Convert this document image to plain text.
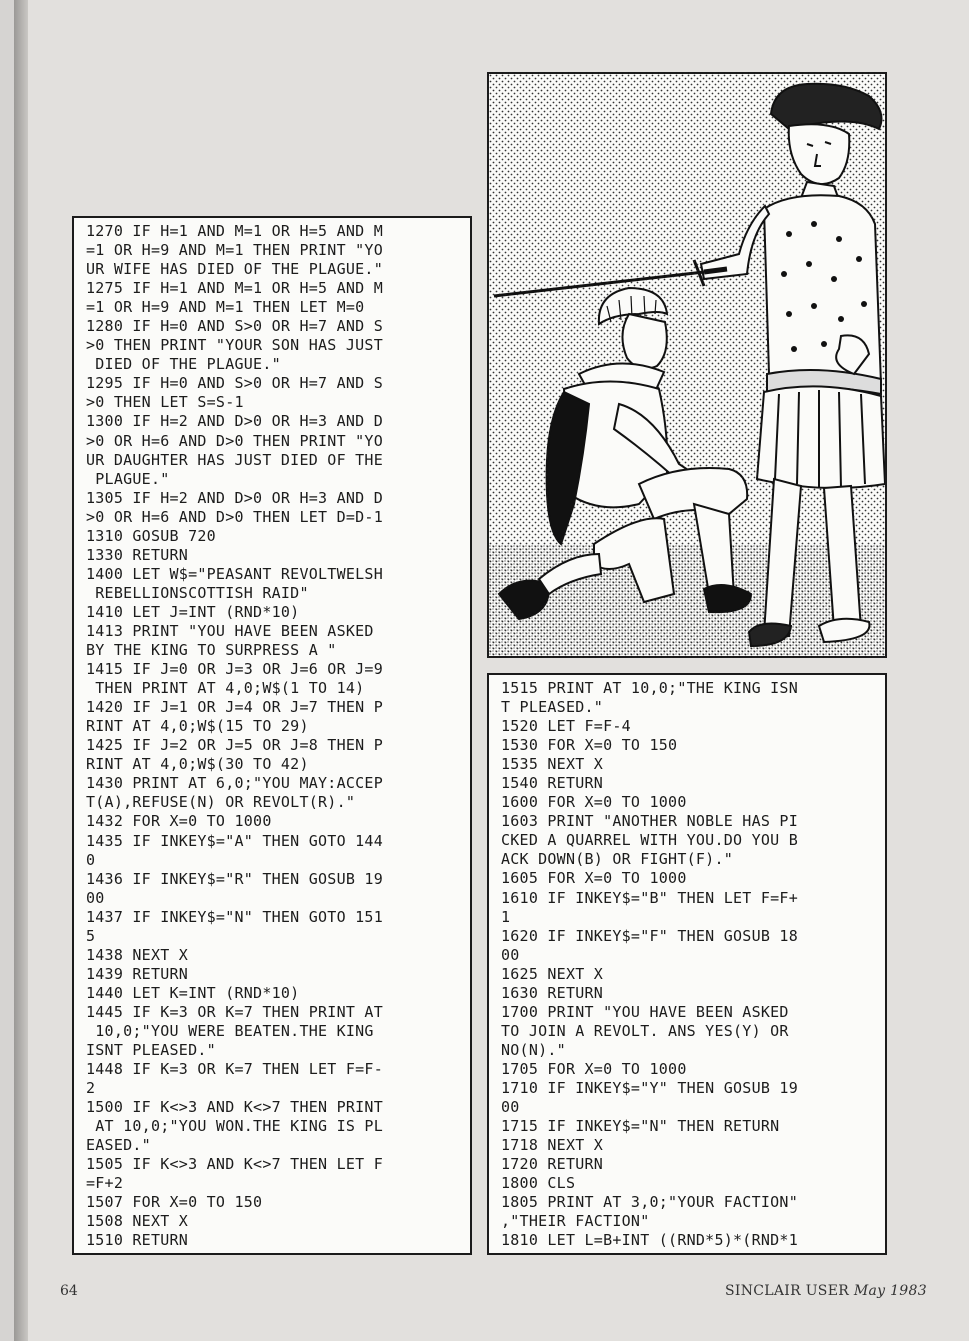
1270 IF H=1 AND M=1 OR H=5 AND M
=1 OR H=9 AND M=1 THEN PRINT "YO
UR WIFE HAS DIED OF THE PLAGUE."
1275 IF H=1 AND M=1 OR H=5 AND M
=1 OR H=9 AND M=1 THEN LET M=0
1280 IF H=0 AND S>0 OR H=7 AND S
>0 THEN PRINT "YOUR SON HAS JUST
DIED OF THE PLAGUE."
1295 IF H=0 AND S>0 OR H=7 AND S
>0 THEN LET S=S-1
1300 IF H=2 AND D>0 OR H=3 AND D
>0 OR H=6 AND D>0 THEN PRINT "YO
UR DAUGHTER HAS JUST DIED OF THE
PLAGUE."
1305 IF H=2 AND D>0 OR H=3 AND D
>0 OR H=6 AND D>0 THEN LET D=D-1
1310 GOSUB 720
1330 RETURN
1400 LET W$="PEASANT REVOLTWELSH
REBELLIONSCOTTISH RAID"
1410 LET J=INT (RND*10)
1413 PRINT "YOU HAVE BEEN ASKED
BY THE KING TO SURPRESS A "
1415 IF J=0 OR J=3 OR J=6 OR J=9
THEN PRINT AT 4,0;W$(1 TO 14)
1420 IF J=1 OR J=4 OR J=7 THEN P
RINT AT 4,0;W$(15 TO 29)
1425 IF J=2 OR J=5 OR J=8 THEN P
RINT AT 4,0;W$(30 TO 42)
1430 PRINT AT 6,0;"YOU MAY:ACCEP
T(A),REFUSE(N) OR REVOLT(R)."
1432 FOR X=0 TO 1000
1435 IF INKEY$="A" THEN GOTO 144
0
1436 IF INKEY$="R" THEN GOSUB 19
00
1437 IF INKEY$="N" THEN GOTO 151
5
1438 NEXT X
1439 RETURN
1440 LET K=INT (RND*10)
1445 IF K=3 OR K=7 THEN PRINT AT
10,0;"YOU WERE BEATEN.THE KING
ISNT PLEASED."
1448 IF K=3 OR K=7 THEN LET F=F-
2
1500 IF K<>3 AND K<>7 THEN PRINT
AT 10,0;"YOU WON.THE KING IS PL
EASED."
1505 IF K<>3 AND K<>7 THEN LET F
=F+2
1507 FOR X=0 TO 150
1508 NEXT X
1510 RETURN
1515 PRINT AT 10,0;"THE KING ISN
T PLEASED."
1520 LET F=F-4
1530 FOR X=0 TO 150
1535 NEXT X
1540 RETURN
1600 FOR X=0 TO 1000
1603 PRINT "ANOTHER NOBLE HAS PI
CKED A QUARREL WITH YOU.DO YOU B
ACK DOWN(B) OR FIGHT(F)."
1605 FOR X=0 TO 1000
1610 IF INKEY$="B" THEN LET F=F+
1
1620 IF INKEY$="F" THEN GOSUB 18
00
1625 NEXT X
1630 RETURN
1700 PRINT "YOU HAVE BEEN ASKED
TO JOIN A REVOLT. ANS YES(Y) OR
NO(N)."
1705 FOR X=0 TO 1000
1710 IF INKEY$="Y" THEN GOSUB 19
00
1715 IF INKEY$="N" THEN RETURN
1718 NEXT X
1720 RETURN
1800 CLS
1805 PRINT AT 3,0;"YOUR FACTION"
,"THEIR FACTION"
1810 LET L=B+INT ((RND*5)*(RND*1
64	SINCLAIR USER May 1983
